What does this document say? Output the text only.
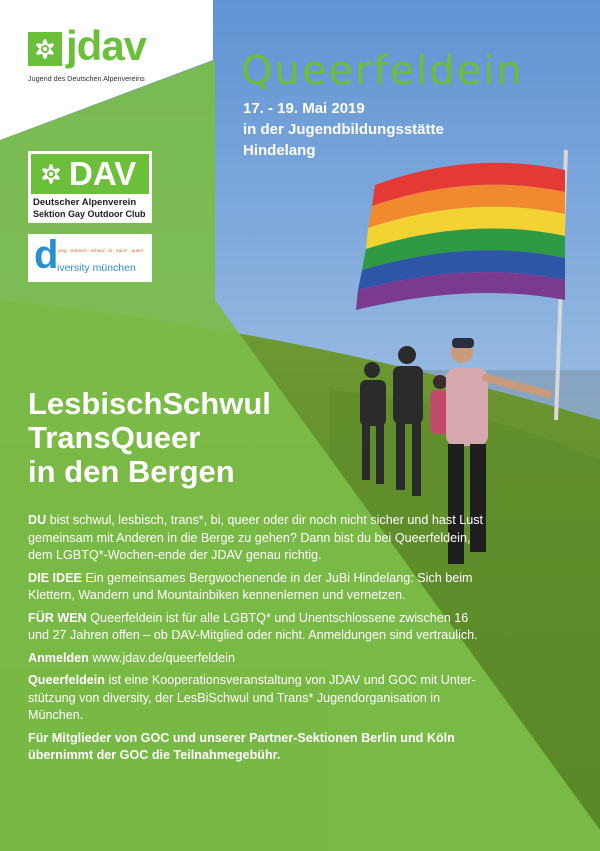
jdav
Jugend des Deutschen Alpenvereins
DAV
Deutscher Alpenverein
Sektion Gay Outdoor Club
d jung · lesbisch · schwul · bi · trans* · queer
iversity münchen
Queerfeldein
17. - 19. Mai 2019
in der Jugendbildungsstätte
Hindelang
LesbischSchwul
TransQueer
in den Bergen

DU bist schwul, lesbisch, trans*, bi, queer oder dir noch nicht sicher und hast Lust gemeinsam mit Anderen in die Berge zu gehen? Dann bist du bei Queerfeldein, dem LGBTQ*-Wochen-ende der JDAV genau richtig.

DIE IDEE Ein gemeinsames Bergwochenende in der JuBi Hindelang: Sich beim Klettern, Wandern und Mountainbiken kennenlernen und vernetzen.

FÜR WEN Queerfeldein ist für alle LGBTQ* und Unentschlossene zwischen 16 und 27 Jahren offen – ob DAV-Mitglied oder nicht. Anmeldungen sind vertraulich.

Anmelden www.jdav.de/queerfeldein

Queerfeldein ist eine Kooperationsveranstaltung von JDAV und GOC mit Unter-stützung von diversity, der LesBiSchwul und Trans* Jugendorganisation in München.

Für Mitglieder von GOC und unserer Partner-Sektionen Berlin und Köln übernimmt der GOC die Teilnahmegebühr.
